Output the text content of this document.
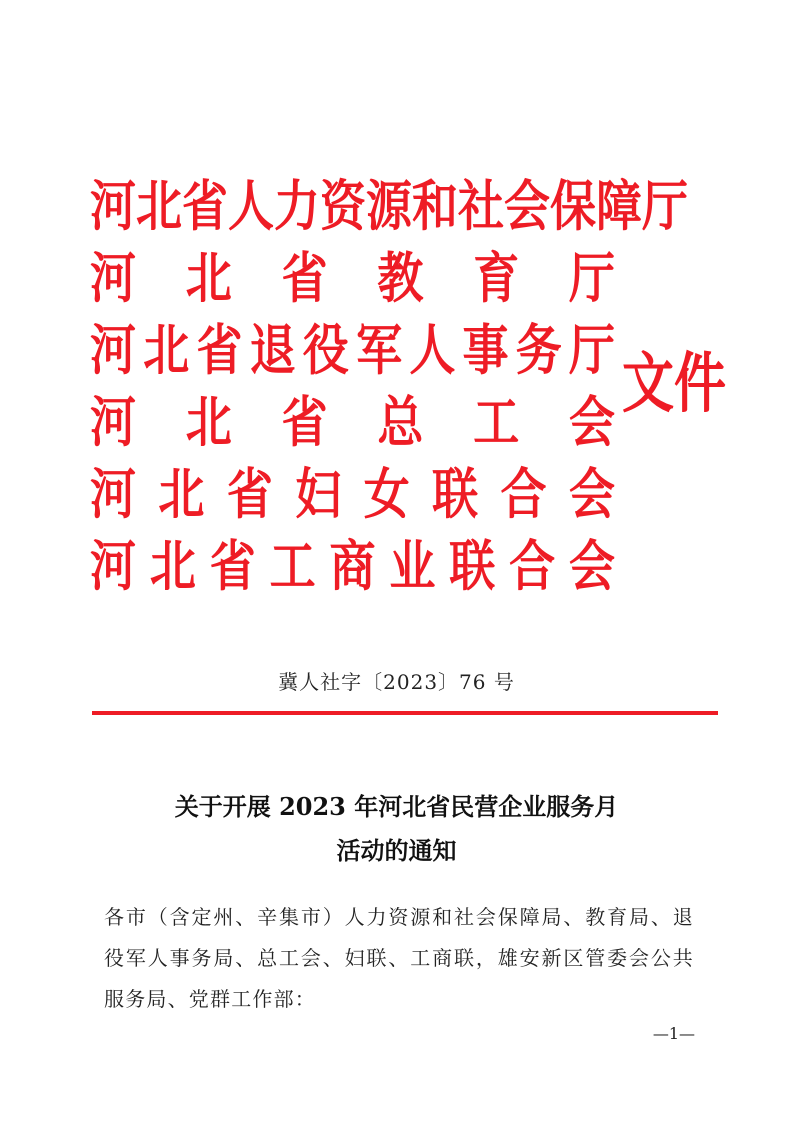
河 北 省 人 力 资 源 和 社 会 保 障 厅
河 北 省 教 育 厅
河 北 省 退 役 军 人 事 务 厅
河 北 省 总 工 会
河 北 省 妇 女 联 合 会
河 北 省 工 商 业 联 合 会
文件
冀人社字〔2023〕76 号
关于开展 2023 年河北省民营企业服务月
活动的通知
各市（含定州、辛集市）人力资源和社会保障局、教育局、退
役军人事务局、总工会、妇联、工商联，雄安新区管委会公共
服务局、党群工作部：
—1—
